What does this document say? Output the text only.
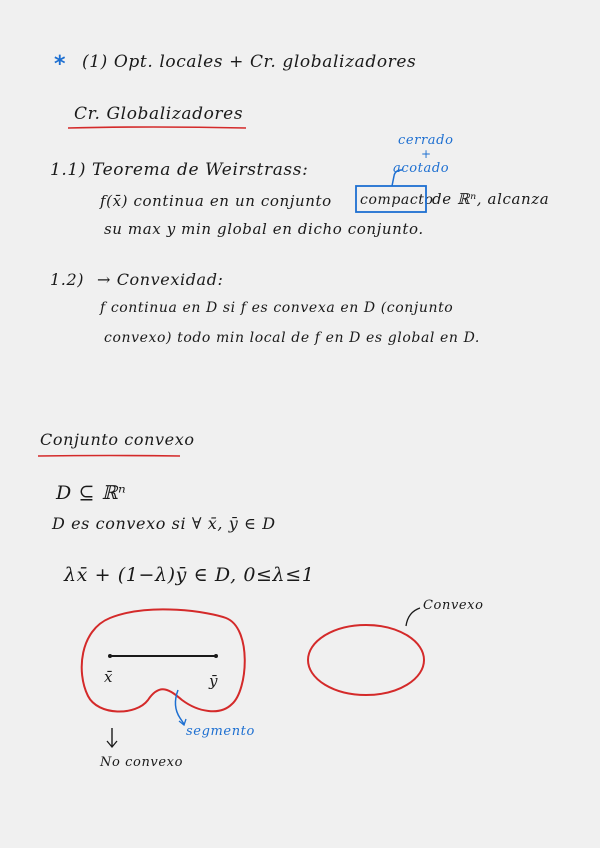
* (1) Opt. locales + Cr. globalizadores
Cr. Globalizadores
cerrado
+
acotado
1.1) Teorema de Weirstrass:
f(x̄) continua en un conjunto compacto
de ℝⁿ, alcanza
su max y min global en dicho conjunto.
1.2) → Convexidad:
f continua en D si f es convexa en D (conjunto
convexo) todo min local de f en D es global en D.
Conjunto convexo
D ⊆ ℝⁿ
D es convexo si ∀ x̄, ȳ ∈ D
λx̄ + (1−λ)ȳ ∈ D, 0≤λ≤1
x̄	ȳ
segmento
Convexo
No convexo
